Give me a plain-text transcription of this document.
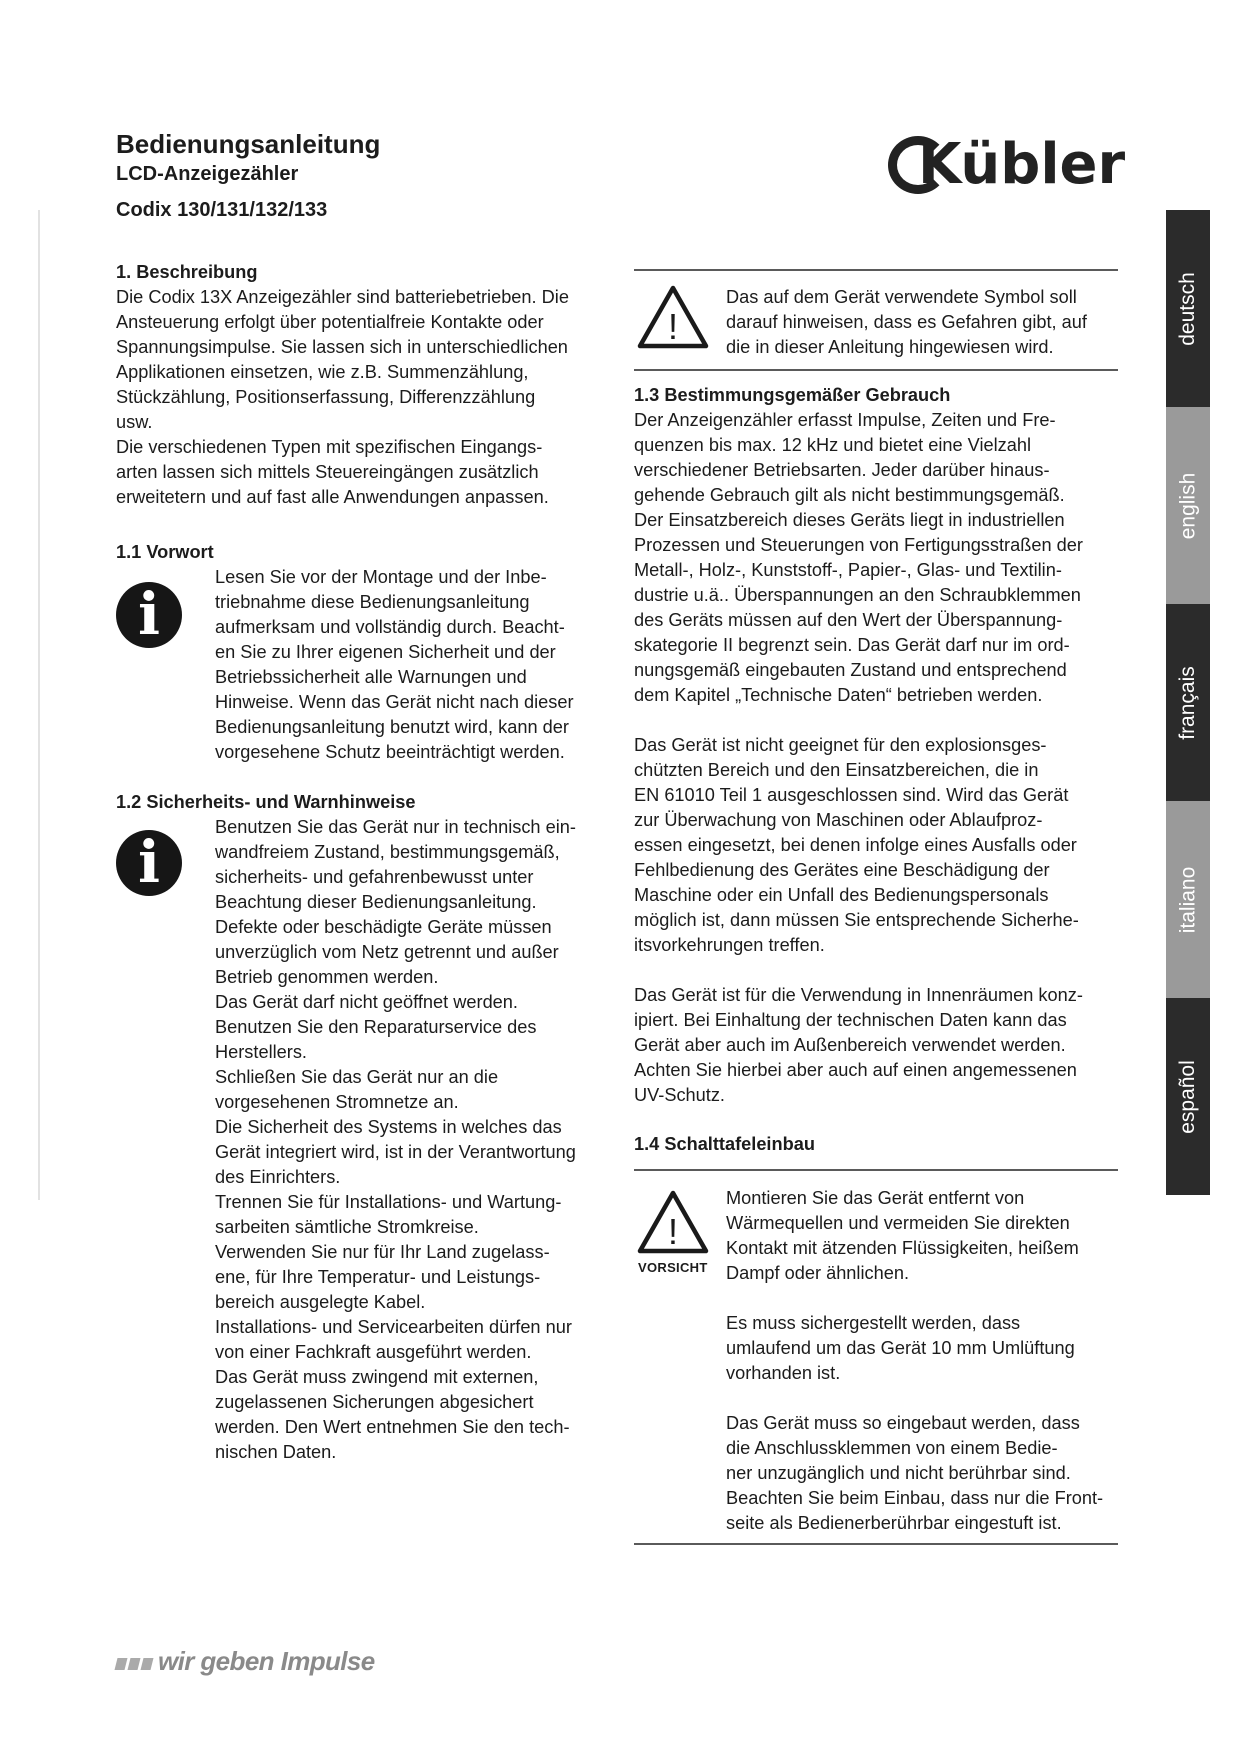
Bedienungsanleitung
LCD-Anzeigezähler
Codix 130/131/132/133
Kübler
deutsch
english
français
italiano
español

1. Beschreibung

Die Codix 13X Anzeigezähler sind batteriebetrieben. Die
Ansteuerung erfolgt über potentialfreie Kontakte oder
Spannungsimpulse. Sie lassen sich in unterschiedlichen
Applikationen einsetzen, wie z.B. Summenzählung,
Stückzählung, Positionserfassung, Differenzzählung
usw.
Die verschiedenen Typen mit spezifischen Eingangs-
arten lassen sich mittels Steuereingängen zusätzlich
erweitetern und auf fast alle Anwendungen anpassen.

1.1 Vorwort

i
Lesen Sie vor der Montage und der Inbe-
triebnahme diese Bedienungsanleitung
aufmerksam und vollständig durch. Beacht-
en Sie zu Ihrer eigenen Sicherheit und der
Betriebssicherheit alle Warnungen und
Hinweise. Wenn das Gerät nicht nach dieser
Bedienungsanleitung benutzt wird, kann der
vorgesehene Schutz beeinträchtigt werden.

1.2 Sicherheits- und Warnhinweise

i
Benutzen Sie das Gerät nur in technisch ein-
wandfreiem Zustand, bestimmungsgemäß,
sicherheits- und gefahrenbewusst unter
Beachtung dieser Bedienungsanleitung.
Defekte oder beschädigte Geräte müssen
unverzüglich vom Netz getrennt und außer
Betrieb genommen werden.
Das Gerät darf nicht geöffnet werden.
Benutzen Sie den Reparaturservice des
Herstellers.
Schließen Sie das Gerät nur an die
vorgesehenen Stromnetze an.
Die Sicherheit des Systems in welches das
Gerät integriert wird, ist in der Verantwortung
des Einrichters.
Trennen Sie für Installations- und Wartung-
sarbeiten sämtliche Stromkreise.
Verwenden Sie nur für Ihr Land zugelass-
ene, für Ihre Temperatur- und Leistungs-
bereich ausgelegte Kabel.
Installations- und Servicearbeiten dürfen nur
von einer Fachkraft ausgeführt werden.
Das Gerät muss zwingend mit externen,
zugelassenen Sicherungen abgesichert
werden. Den Wert entnehmen Sie den tech-
nischen Daten.
!
Das auf dem Gerät verwendete Symbol soll
darauf hinweisen, dass es Gefahren gibt, auf
die in dieser Anleitung hingewiesen wird.

1.3 Bestimmungsgemäßer Gebrauch

Der Anzeigenzähler erfasst Impulse, Zeiten und Fre-
quenzen bis max. 12 kHz und bietet eine Vielzahl
verschiedener Betriebsarten. Jeder darüber hinaus-
gehende Gebrauch gilt als nicht bestimmungsgemäß.
Der Einsatzbereich dieses Geräts liegt in industriellen
Prozessen und Steuerungen von Fertigungsstraßen der
Metall-, Holz-, Kunststoff-, Papier-, Glas- und Textilin-
dustrie u.ä.. Überspannungen an den Schraubklemmen
des Geräts müssen auf den Wert der Überspannung-
skategorie II begrenzt sein. Das Gerät darf nur im ord-
nungsgemäß eingebauten Zustand und entsprechend
dem Kapitel „Technische Daten“ betrieben werden.
Das Gerät ist nicht geeignet für den explosionsges-
chützten Bereich und den Einsatzbereichen, die in
EN 61010 Teil 1 ausgeschlossen sind. Wird das Gerät
zur Überwachung von Maschinen oder Ablaufproz-
essen eingesetzt, bei denen infolge eines Ausfalls oder
Fehlbedienung des Gerätes eine Beschädigung der
Maschine oder ein Unfall des Bedienungspersonals
möglich ist, dann müssen Sie entsprechende Sicherhe-
itsvorkehrungen treffen.
Das Gerät ist für die Verwendung in Innenräumen konz-
ipiert. Bei Einhaltung der technischen Daten kann das
Gerät aber auch im Außenbereich verwendet werden.
Achten Sie hierbei aber auch auf einen angemessenen
UV-Schutz.

1.4 Schalttafeleinbau

!
VORSICHT
Montieren Sie das Gerät entfernt von
Wärmequellen und vermeiden Sie direkten
Kontakt mit ätzenden Flüssigkeiten, heißem
Dampf oder ähnlichen.
Es muss sichergestellt werden, dass
umlaufend um das Gerät 10 mm Umlüftung
vorhanden ist.
Das Gerät muss so eingebaut werden, dass
die Anschlussklemmen von einem Bedie-
ner unzugänglich und nicht berührbar sind.
Beachten Sie beim Einbau, dass nur die Front-
seite als Bedienerberührbar eingestuft ist.
wir geben Impulse
